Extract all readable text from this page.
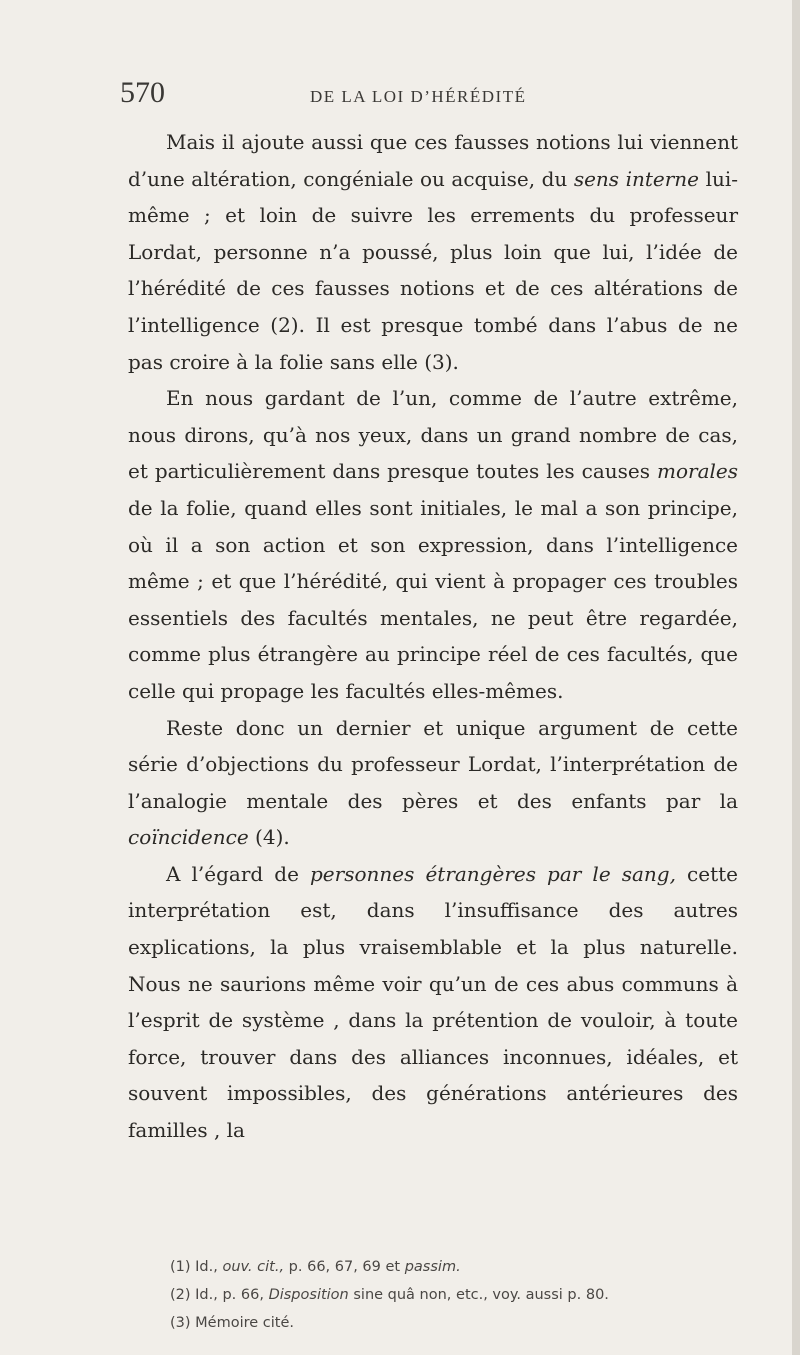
570	DE LA LOI D’HÉRÉDITÉ

Mais il ajoute aussi que ces fausses notions lui viennent d’une altération, congéniale ou acquise, du sens interne lui-même ; et loin de suivre les errements du professeur Lordat, personne n’a poussé, plus loin que lui, l’idée de l’hérédité de ces fausses notions et de ces altérations de l’intelligence (2). Il est presque tombé dans l’abus de ne pas croire à la folie sans elle (3).

En nous gardant de l’un, comme de l’autre extrême, nous dirons, qu’à nos yeux, dans un grand nombre de cas, et particulièrement dans presque toutes les causes morales de la folie, quand elles sont initiales, le mal a son principe, où il a son action et son expression, dans l’intelligence même ; et que l’hérédité, qui vient à propager ces troubles essentiels des facultés mentales, ne peut être regardée, comme plus étrangère au principe réel de ces facultés, que celle qui propage les facultés elles-mêmes.

Reste donc un dernier et unique argument de cette série d’objections du professeur Lordat, l’interprétation de l’analogie mentale des pères et des enfants par la coïncidence (4).

A l’égard de personnes étrangères par le sang, cette interprétation est, dans l’insuffisance des autres explications, la plus vraisemblable et la plus naturelle. Nous ne saurions même voir qu’un de ces abus communs à l’esprit de système , dans la prétention de vouloir, à toute force, trouver dans des alliances inconnues, idéales, et souvent impossibles, des générations antérieures des familles , la

(1) Id., ouv. cit., p. 66, 67, 69 et passim.
(2) Id., p. 66, Disposition sine quâ non, etc., voy. aussi p. 80.
(3) Mémoire cité.
